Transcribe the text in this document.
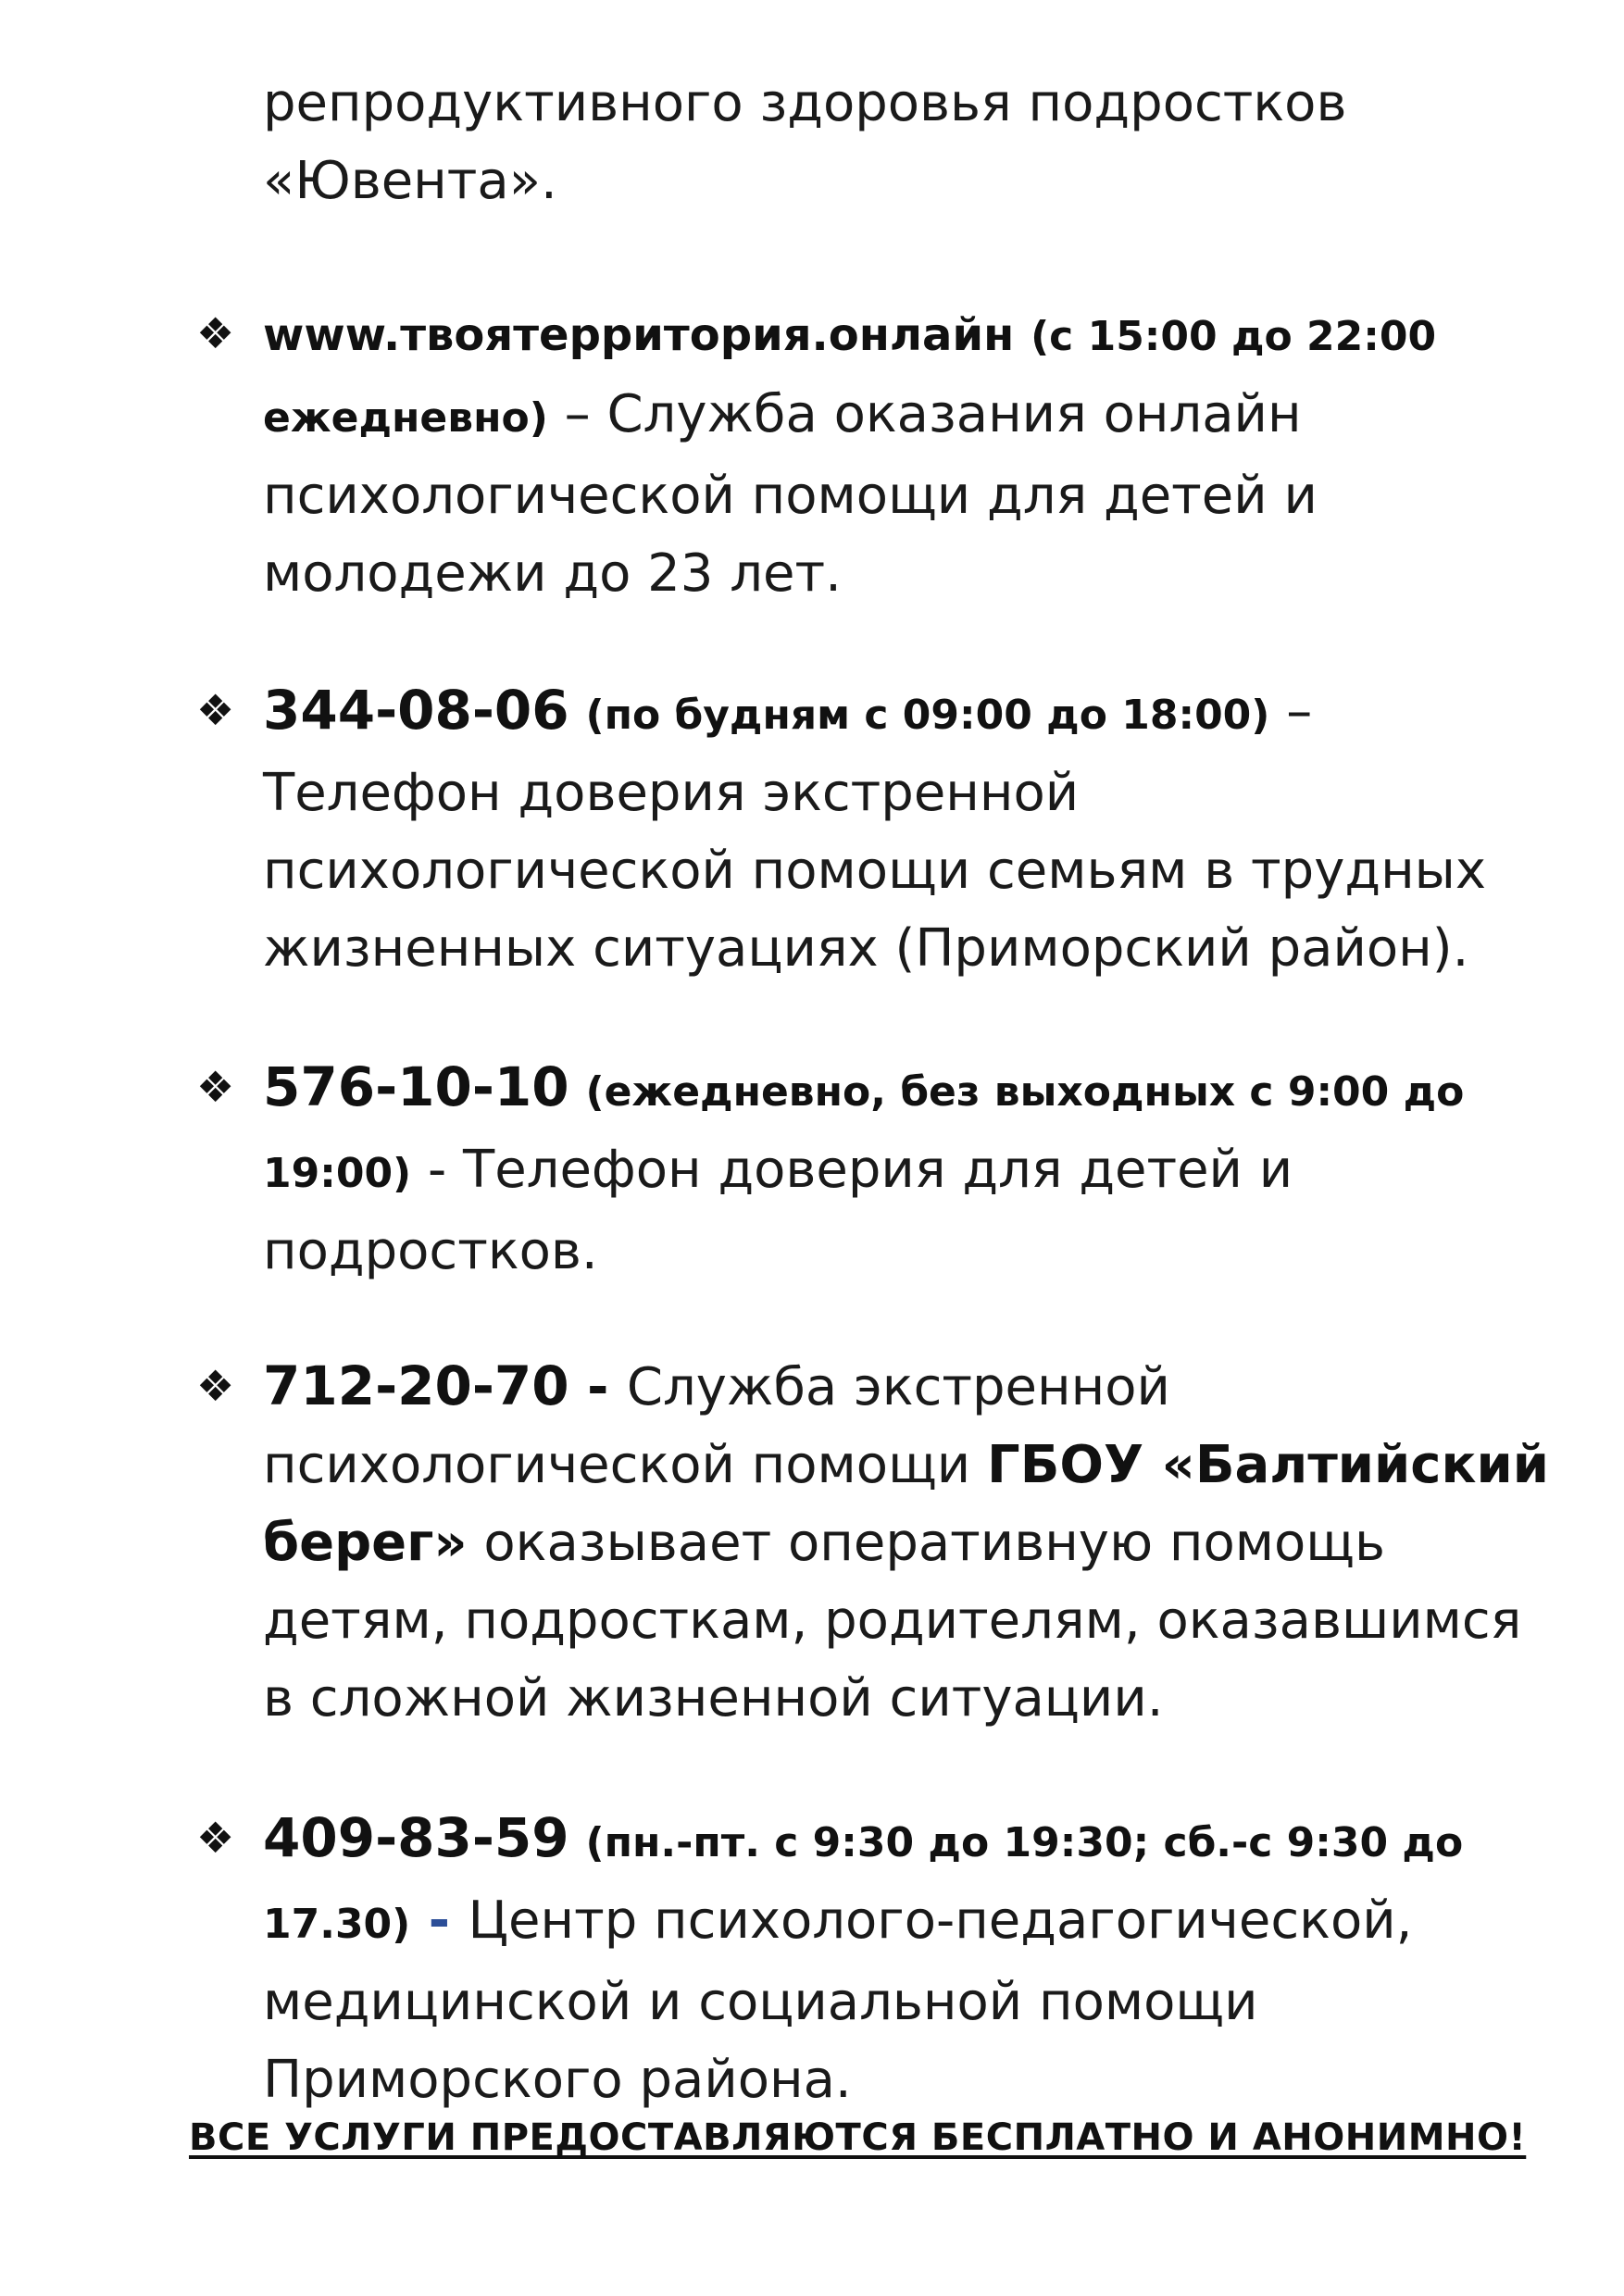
репродуктивного здоровья подростков «Ювента».
❖ www.твоятерритория.онлайн (с 15:00 до 22:00 ежедневно) – Служба оказания онлайн психологической помощи для детей и молодежи до 23 лет.
❖ 344-08-06 (по будням с 09:00 до 18:00) – Телефон доверия экстренной психологической помощи семьям в трудных жизненных ситуациях (Приморский район).
❖ 576-10-10 (ежедневно, без выходных с 9:00 до 19:00) - Телефон доверия для детей и подростков.
❖ 712-20-70 - Служба экстренной психологической помощи ГБОУ «Балтийский берег» оказывает оперативную помощь детям, подросткам, родителям, оказавшимся в сложной жизненной ситуации.
❖ 409-83-59 (пн.-пт. с 9:30 до 19:30; сб.-с 9:30 до 17.30) - Центр психолого-педагогической, медицинской и социальной помощи Приморского района.
ВСЕ УСЛУГИ ПРЕДОСТАВЛЯЮТСЯ БЕСПЛАТНО И АНОНИМНО!
